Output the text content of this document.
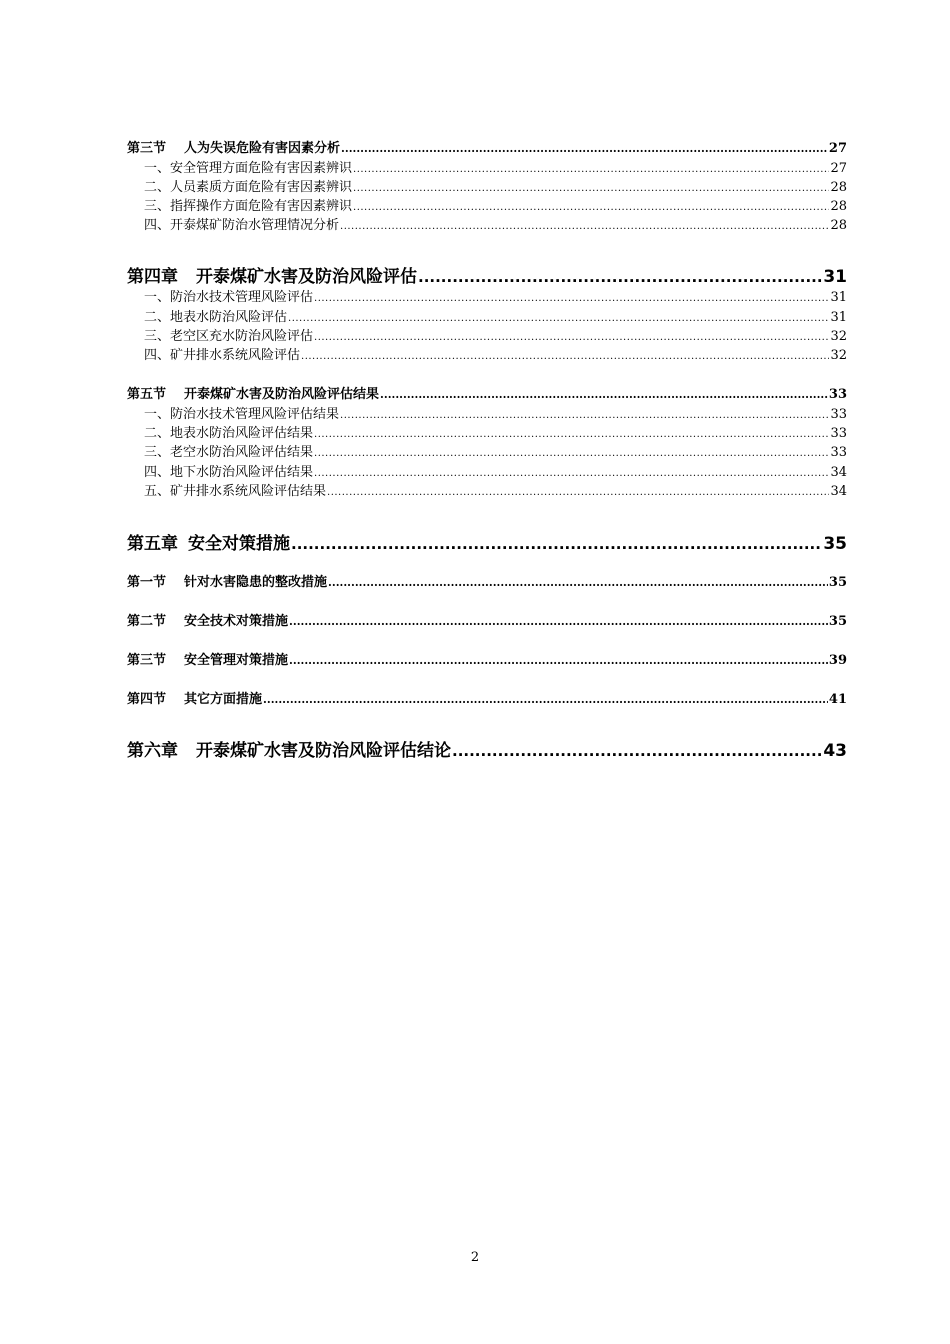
第三节 人为失误危险有害因素分析 .....	27
一、安全管理方面危险有害因素辨识 .....	27
二、人员素质方面危险有害因素辨识 .....	28
三、指挥操作方面危险有害因素辨识 .....	28
四、开泰煤矿防治水管理情况分析 .....	28
第四章 开泰煤矿水害及防治风险评估 .....	31
一、防治水技术管理风险评估 .....	31
二、地表水防治风险评估 .....	31
三、老空区充水防治风险评估 .....	32
四、矿井排水系统风险评估 .....	32
第五节 开泰煤矿水害及防治风险评估结果 .....	33
一、防治水技术管理风险评估结果 .....	33
二、地表水防治风险评估结果 .....	33
三、老空水防治风险评估结果 .....	33
四、地下水防治风险评估结果 .....	34
五、矿井排水系统风险评估结果 .....	34
第五章 安全对策措施 .....	35
第一节 针对水害隐患的整改措施 .....	35
第二节 安全技术对策措施 .....	35
第三节 安全管理对策措施 .....	39
第四节 其它方面措施 .....	41
第六章 开泰煤矿水害及防治风险评估结论 .....	43
2
